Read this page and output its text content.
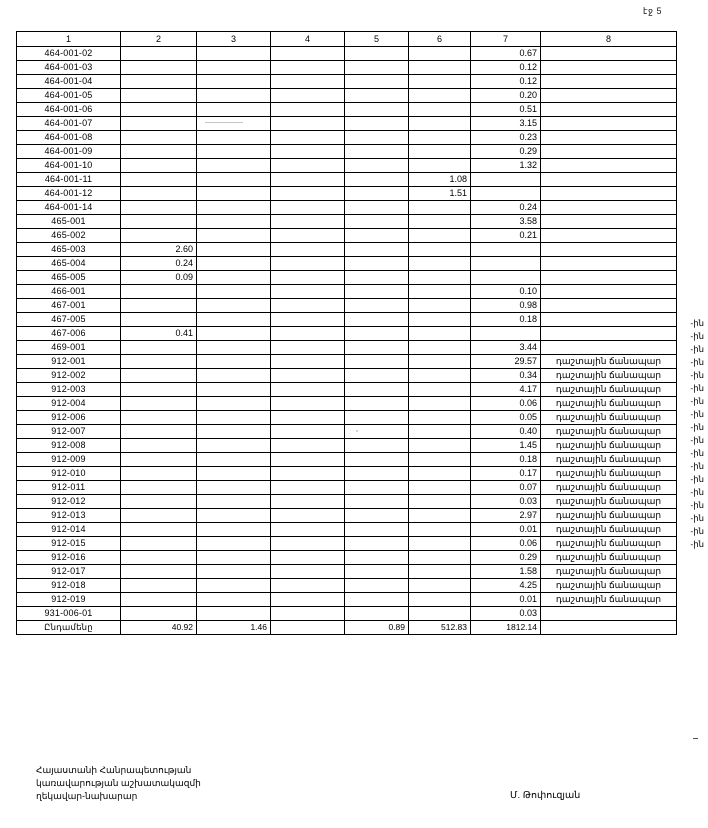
էջ 5
1	2	3	4	5	6	7	8
464-001-02						0.67	
464-001-03						0.12	
464-001-04						0.12	
464-001-05						0.20	
464-001-06						0.51	
464-001-07						3.15	
464-001-08						0.23	
464-001-09						0.29	
464-001-10						1.32	
464-001-11					1.08		
464-001-12					1.51		
464-001-14						0.24	
465-001						3.58	
465-002						0.21	
465-003	2.60						
465-004	0.24						
465-005	0.09						
466-001						0.10	
467-001						0.98	
467-005						0.18	
467-006	0.41						
469-001						3.44	
912-001						29.57	դաշտային ճանապար
912-002						0.34	դաշտային ճանապար
912-003						4.17	դաշտային ճանապար
912-004						0.06	դաշտային ճանապար
912-006						0.05	դաշտային ճանապար
912-007						0.40	դաշտային ճանապար
912-008						1.45	դաշտային ճանապար
912-009						0.18	դաշտային ճանապար
912-010						0.17	դաշտային ճանապար
912-011						0.07	դաշտային ճանապար
912-012						0.03	դաշտային ճանապար
912-013						2.97	դաշտային ճանապար
912-014						0.01	դաշտային ճանապար
912-015						0.06	դաշտային ճանապար
912-016						0.29	դաշտային ճանապար
912-017						1.58	դաշտային ճանապար
912-018						4.25	դաշտային ճանապար
912-019						0.01	դաշտային ճանապար
931-006-01						0.03	
Ընդամենը	40.92	1.46		0.89	512.83	1812.14	
-ին
-ին
-ին
-ին
-ին
-ին
-ին
-ին
-ին
-ին
-ին
-ին
-ին
-ին
-ին
-ին
-ին
-ին
Հայաստանի Հանրապետության
կառավարության աշխատակազմի
ղեկավար-նախարար	Մ. Թոփուզյան
